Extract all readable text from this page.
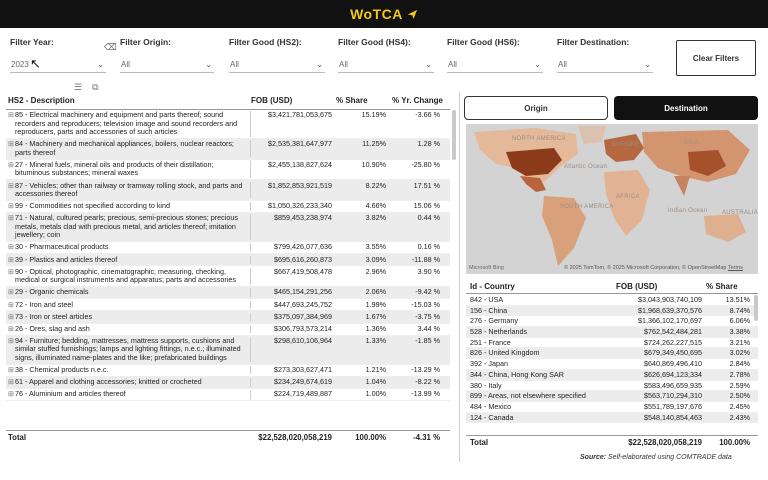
WoTCA
Filter Year:	⌫
2023	⌄
Filter Origin:
All	⌄
Filter Good (HS2):
All	⌄
Filter Good (HS4):
All	⌄
Filter Good (HS6):
All	⌄
Filter Destination:
All	⌄
↖	Clear Filters
☰ ⧉
HS2 - Description	FOB (USD)	% Share	% Yr. Change
⊞ 85 - Electrical machinery and equipment and parts thereof; sound recorders and reproducers; television image and sound recorders and reproducers, parts and accessories of such articles
$3,421,781,053,675	15.19%	-3.66 %
⊞ 84 - Machinery and mechanical appliances, boilers, nuclear reactors; parts thereof
$2,535,381,647,977	11.25%	1.28 %
⊞ 27 - Mineral fuels, mineral oils and products of their distillation; bituminous substances; mineral waxes
$2,455,138,827,624	10.90%	-25.80 %
⊞ 87 - Vehicles; other than railway or tramway rolling stock, and parts and accessories thereof
$1,852,853,921,519	8.22%	17.51 %
⊞ 99 - Commodities not specified according to kind	$1,050,326,233,340	4.66%	15.06 %
⊞ 71 - Natural, cultured pearls; precious, semi-precious stones; precious metals, metals clad with precious metal, and articles thereof; imitation jewellery; coin
$859,453,238,974	3.82%	0.44 %
⊞ 30 - Pharmaceutical products	$799,426,077,636	3.55%	0.16 %
⊞ 39 - Plastics and articles thereof	$695,616,260,873	3.09%	-11.88 %
⊞ 90 - Optical, photographic, cinematographic, measuring, checking, medical or surgical instruments and apparatus; parts and accessories
$667,419,508,478	2.96%	3.90 %
⊞ 29 - Organic chemicals	$465,154,291,256	2.06%	-9.42 %
⊞ 72 - Iron and steel	$447,693,245,752	1.99%	-15.03 %
⊞ 73 - Iron or steel articles	$375,097,384,969	1.67%	-3.75 %
⊞ 26 - Ores, slag and ash	$306,793,573,214	1.36%	3.44 %
⊞ 94 - Furniture; bedding, mattresses, mattress supports, cushions and similar stuffed furnishings; lamps and lighting fittings, n.e.c.; illuminated signs, illuminated name-plates and the like; prefabricated buildings
$298,610,106,964	1.33%	-1.85 %
⊞ 38 - Chemical products n.e.c.	$273,303,627,471	1.21%	-13.29 %
⊞ 61 - Apparel and clothing accessories; knitted or crocheted	$234,249,674,619	1.04%	-8.22 %
⊞ 76 - Aluminium and articles thereof	$224,719,489,887	1.00%	-13.99 %
Total	$22,528,020,058,219	100.00%	-4.31 %
Origin	Destination
NORTH AMERICA
Atlantic Ocean
SOUTH AMERICA
EUROPE
AFRICA
ASIA
Indian Ocean AUSTRALIA
Microsoft Bing	© 2025 TomTom, © 2025 Microsoft Corporation, © OpenStreetMap Terms
Id - Country	FOB (USD)	% Share
842 - USA	$3,043,903,740,109	13.51%
156 - China	$1,968,639,370,576	8.74%
276 - Germany	$1,366,102,170,697	6.06%
528 - Netherlands	$762,542,484,281	3.38%
251 - France	$724,262,227,515	3.21%
826 - United Kingdom	$679,349,450,695	3.02%
392 - Japan	$640,869,496,410	2.84%
344 - China, Hong Kong SAR	$626,694,123,334	2.78%
380 - Italy	$583,496,659,935	2.59%
899 - Areas, not elsewhere specified	$563,710,294,310	2.50%
484 - Mexico	$551,789,197,676	2.45%
124 - Canada	$548,140,854,463	2.43%
Total	$22,528,020,058,219	100.00%
Source: Self-elaborated using COMTRADE data
